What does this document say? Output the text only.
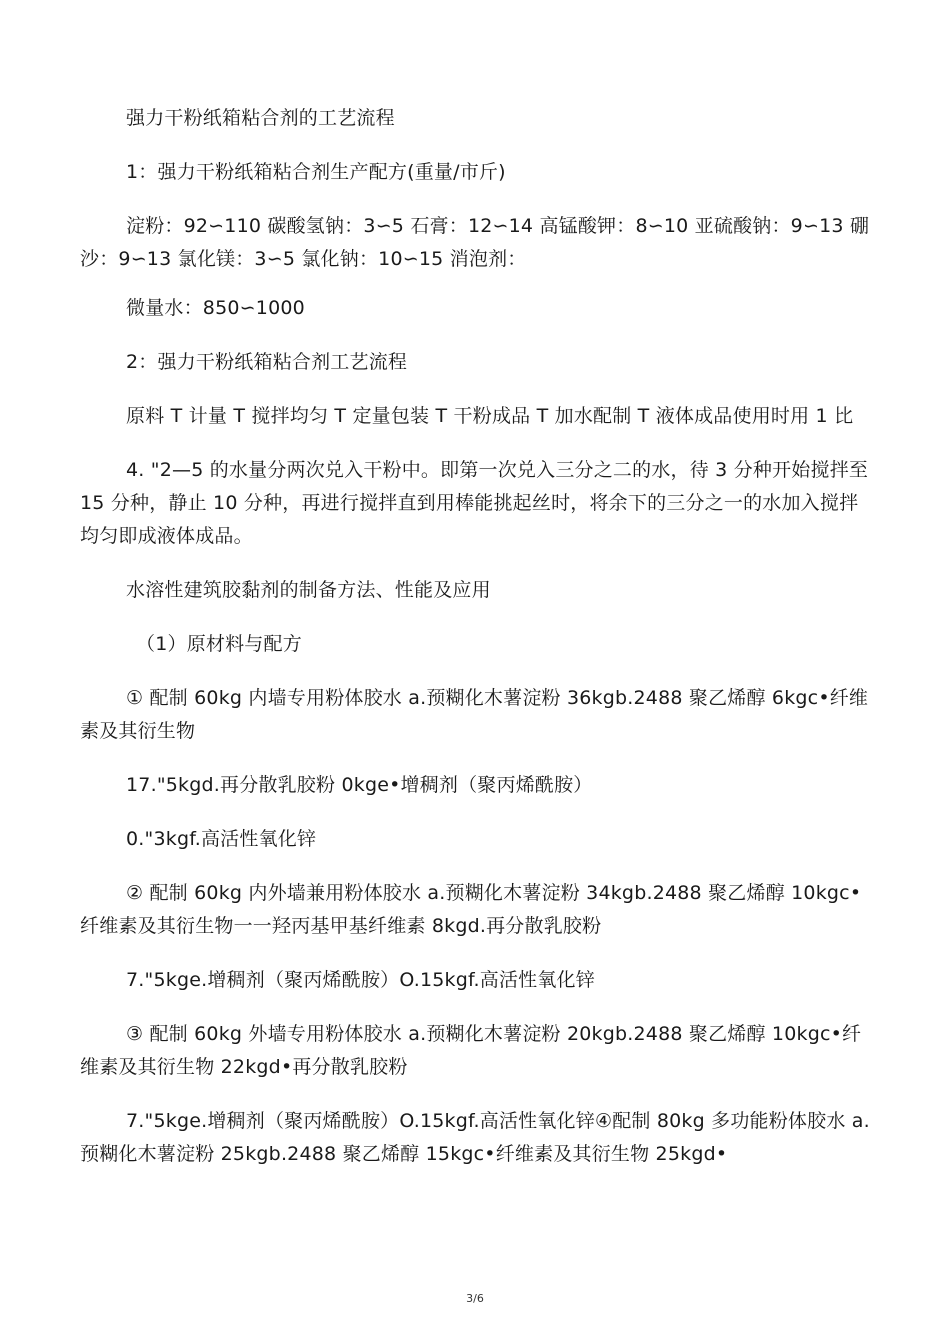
强力干粉纸箱粘合剂的工艺流程

1：强力干粉纸箱粘合剂生产配方(重量/市斤)

淀粉：92∽110 碳酸氢钠：3∽5 石膏：12∽14 高锰酸钾：8∽10 亚硫酸钠：9∽13 硼沙：9∽13 氯化镁：3∽5 氯化钠：10∽15 消泡剂：

微量水：850∽1000

2：强力干粉纸箱粘合剂工艺流程

原料 T 计量 T 搅拌均匀 T 定量包装 T 干粉成品 T 加水配制 T 液体成品使用时用 1 比

4. "2—5 的水量分两次兑入干粉中。即第一次兑入三分之二的水，待 3 分种开始搅拌至 15 分种，静止 10 分种，再进行搅拌直到用棒能挑起丝时，将余下的三分之一的水加入搅拌均匀即成液体成品。

水溶性建筑胶黏剂的制备方法、性能及应用

（1）原材料与配方

① 配制 60kg 内墙专用粉体胶水 a.预糊化木薯淀粉 36kgb.2488 聚乙烯醇 6kgc•纤维素及其衍生物

17."5kgd.再分散乳胶粉 0kge•增稠剂（聚丙烯酰胺）

0."3kgf.高活性氧化锌

② 配制 60kg 内外墙兼用粉体胶水 a.预糊化木薯淀粉 34kgb.2488 聚乙烯醇 10kgc•纤维素及其衍生物一一羟丙基甲基纤维素 8kgd.再分散乳胶粉

7."5kge.增稠剂（聚丙烯酰胺）O.15kgf.高活性氧化锌

③ 配制 60kg 外墙专用粉体胶水 a.预糊化木薯淀粉 20kgb.2488 聚乙烯醇 10kgc•纤维素及其衍生物 22kgd•再分散乳胶粉

7."5kge.增稠剂（聚丙烯酰胺）O.15kgf.高活性氧化锌④配制 80kg 多功能粉体胶水 a.预糊化木薯淀粉 25kgb.2488 聚乙烯醇 15kgc•纤维素及其衍生物 25kgd•

3/6
